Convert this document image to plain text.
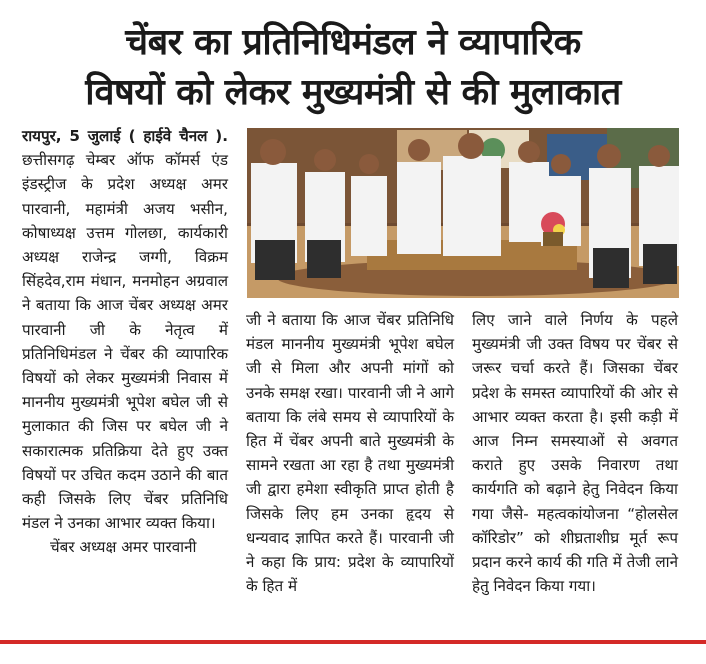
चेंबर का प्रतिनिधिमंडल ने व्यापारिक
विषयों को लेकर मुख्यमंत्री से की मुलाकात

रायपुर, 5 जुलाई ( हाईवे चैनल ). छत्तीसगढ़ चेम्बर ऑफ कॉमर्स एंड इंडस्ट्रीज के प्रदेश अध्यक्ष अमर पारवानी, महामंत्री अजय भसीन, कोषाध्यक्ष उत्तम गोलछा, कार्यकारी अध्यक्ष राजेन्द्र जग्गी, विक्रम सिंहदेव,राम मंधान, मनमोहन अग्रवाल ने बताया कि आज चेंबर अध्यक्ष अमर पारवानी जी के नेतृत्व में प्रतिनिधिमंडल ने चेंबर की व्यापारिक विषयों को लेकर मुख्यमंत्री निवास में माननीय मुख्यमंत्री भूपेश बघेल जी से मुलाकात की जिस पर बघेल जी ने सकारात्मक प्रतिक्रिया देते हुए उक्त विषयों पर उचित कदम उठाने की बात कही जिसके लिए चेंबर प्रतिनिधि मंडल ने उनका आभार व्यक्त किया।

चेंबर अध्यक्ष अमर पारवानी

जी ने बताया कि आज चेंबर प्रतिनिधि मंडल माननीय मुख्यमंत्री भूपेश बघेल जी से मिला और अपनी मांगों को उनके समक्ष रखा। पारवानी जी ने आगे बताया कि लंबे समय से व्यापारियों के हित में चेंबर अपनी बाते मुख्यमंत्री के सामने रखता आ रहा है तथा मुख्यमंत्री जी द्वारा हमेशा स्वीकृति प्राप्त होती है जिसके लिए हम उनका हृदय से धन्यवाद ज्ञापित करते हैं। पारवानी जी ने कहा कि प्राय: प्रदेश के व्यापारियों के हित में

लिए जाने वाले निर्णय के पहले मुख्यमंत्री जी उक्त विषय पर चेंबर से जरूर चर्चा करते हैं। जिसका चेंबर प्रदेश के समस्त व्यापारियों की ओर से आभार व्यक्त करता है। इसी कड़ी में आज निम्न समस्याओं से अवगत कराते हुए उसके निवारण तथा कार्यगति को बढ़ाने हेतु निवेदन किया गया जैसे- महत्वकांयोजना “होलसेल कॉरिडोर” को शीघ्रताशीघ्र मूर्त रूप प्रदान करने कार्य की गति में तेजी लाने हेतु निवेदन किया गया।
